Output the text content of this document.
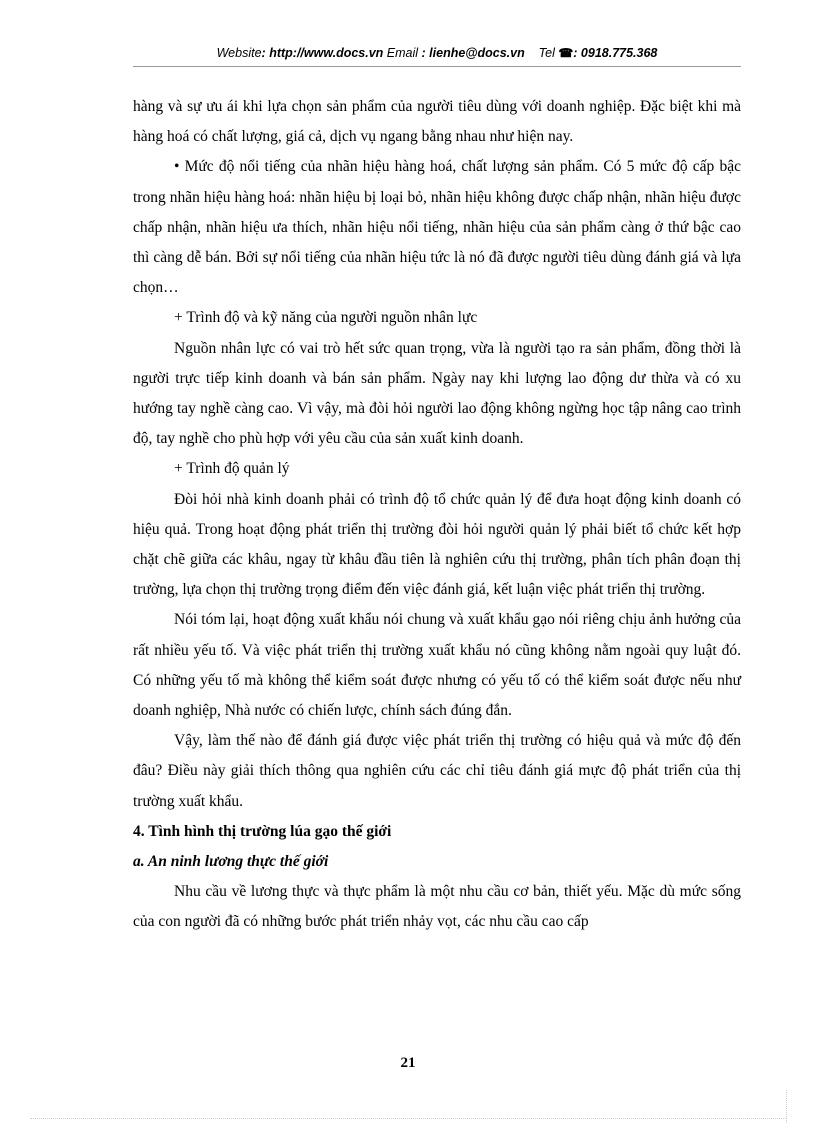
Website: http://www.docs.vn Email : lienhe@docs.vn Tel ☎: 0918.775.368

hàng và sự ưu ái khi lựa chọn sản phẩm của người tiêu dùng với doanh nghiệp. Đặc biệt khi mà hàng hoá có chất lượng, giá cả, dịch vụ ngang bằng nhau như hiện nay.

• Mức độ nổi tiếng của nhãn hiệu hàng hoá, chất lượng sản phẩm. Có 5 mức độ cấp bậc trong nhãn hiệu hàng hoá: nhãn hiệu bị loại bỏ, nhãn hiệu không được chấp nhận, nhãn hiệu được chấp nhận, nhãn hiệu ưa thích, nhãn hiệu nổi tiếng, nhãn hiệu của sản phẩm càng ở thứ bậc cao thì càng dễ bán. Bởi sự nổi tiếng của nhãn hiệu tức là nó đã được người tiêu dùng đánh giá và lựa chọn…

+ Trình độ và kỹ năng của người nguồn nhân lực

Nguồn nhân lực có vai trò hết sức quan trọng, vừa là người tạo ra sản phẩm, đồng thời là người trực tiếp kinh doanh và bán sản phẩm. Ngày nay khi lượng lao động dư thừa và có xu hướng tay nghề càng cao. Vì vậy, mà đòi hỏi người lao động không ngừng học tập nâng cao trình độ, tay nghề cho phù hợp với yêu cầu của sản xuất kinh doanh.

+ Trình độ quản lý

Đòi hỏi nhà kinh doanh phải có trình độ tổ chức quản lý để đưa hoạt động kinh doanh có hiệu quả. Trong hoạt động phát triển thị trường đòi hỏi người quản lý phải biết tổ chức kết hợp chặt chẽ giữa các khâu, ngay từ khâu đầu tiên là nghiên cứu thị trường, phân tích phân đoạn thị trường, lựa chọn thị trường trọng điểm đến việc đánh giá, kết luận việc phát triển thị trường.

Nói tóm lại, hoạt động xuất khẩu nói chung và xuất khẩu gạo nói riêng chịu ảnh hưởng của rất nhiều yếu tố. Và việc phát triển thị trường xuất khẩu nó cũng không nằm ngoài quy luật đó. Có những yếu tố mà không thể kiểm soát được nhưng có yếu tố có thể kiểm soát được nếu như doanh nghiệp, Nhà nước có chiến lược, chính sách đúng đắn.

Vậy, làm thế nào để đánh giá được việc phát triển thị trường có hiệu quả và mức độ đến đâu? Điều này giải thích thông qua nghiên cứu các chỉ tiêu đánh giá mực độ phát triển của thị trường xuất khẩu.

4. Tình hình thị trường lúa gạo thế giới

a. An ninh lương thực thế giới

Nhu cầu về lương thực và thực phẩm là một nhu cầu cơ bản, thiết yếu. Mặc dù mức sống của con người đã có những bước phát triển nhảy vọt, các nhu cầu cao cấp

21
